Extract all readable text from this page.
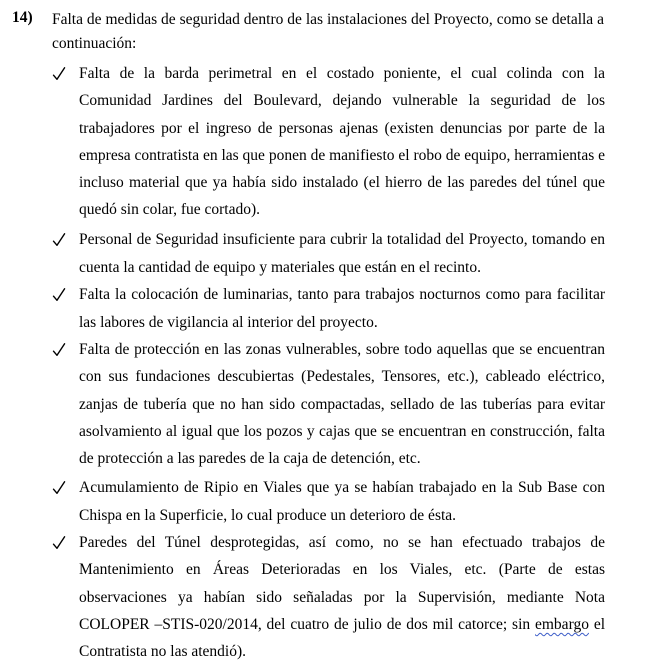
14) Falta de medidas de seguridad dentro de las instalaciones del Proyecto, como se detalla a continuación:

Falta de la barda perimetral en el costado poniente, el cual colinda con la Comunidad Jardines del Boulevard, dejando vulnerable la seguridad de los trabajadores por el ingreso de personas ajenas (existen denuncias por parte de la empresa contratista en las que ponen de manifiesto el robo de equipo, herramientas e incluso material que ya había sido instalado (el hierro de las paredes del túnel que quedó sin colar, fue cortado).

Personal de Seguridad insuficiente para cubrir la totalidad del Proyecto, tomando en cuenta la cantidad de equipo y materiales que están en el recinto.

Falta la colocación de luminarias, tanto para trabajos nocturnos como para facilitar las labores de vigilancia al interior del proyecto.

Falta de protección en las zonas vulnerables, sobre todo aquellas que se encuentran con sus fundaciones descubiertas (Pedestales, Tensores, etc.), cableado eléctrico, zanjas de tubería que no han sido compactadas, sellado de las tuberías para evitar asolvamiento al igual que los pozos y cajas que se encuentran en construcción, falta de protección a las paredes de la caja de detención, etc.

Acumulamiento de Ripio en Viales que ya se habían trabajado en la Sub Base con Chispa en la Superficie, lo cual produce un deterioro de ésta.

Paredes del Túnel desprotegidas, así como, no se han efectuado trabajos de Mantenimiento en Áreas Deterioradas en los Viales, etc. (Parte de estas observaciones ya habían sido señaladas por la Supervisión, mediante Nota COLOPER –STIS-020/2014, del cuatro de julio de dos mil catorce; sin embargo el Contratista no las atendió).
